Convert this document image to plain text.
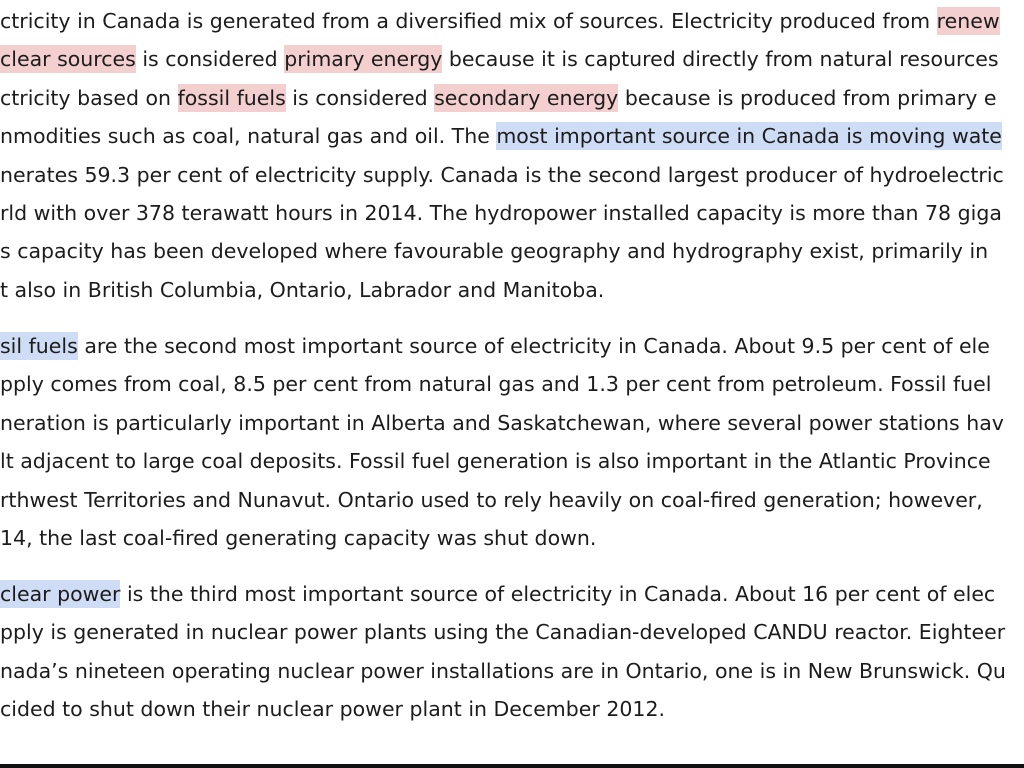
ctricity in Canada is generated from a diversified mix of sources. Electricity produced from renew
clear sources is considered primary energy because it is captured directly from natural resources
ctricity based on fossil fuels is considered secondary energy because is produced from primary e
nmodities such as coal, natural gas and oil. The most important source in Canada is moving wate
nerates 59.3 per cent of electricity supply. Canada is the second largest producer of hydroelectric
rld with over 378 terawatt hours in 2014. The hydropower installed capacity is more than 78 giga
s capacity has been developed where favourable geography and hydrography exist, primarily in
t also in British Columbia, Ontario, Labrador and Manitoba.
sil fuels are the second most important source of electricity in Canada. About 9.5 per cent of ele
pply comes from coal, 8.5 per cent from natural gas and 1.3 per cent from petroleum. Fossil fuel
neration is particularly important in Alberta and Saskatchewan, where several power stations hav
lt adjacent to large coal deposits. Fossil fuel generation is also important in the Atlantic Province
rthwest Territories and Nunavut. Ontario used to rely heavily on coal-fired generation; however,
14, the last coal-fired generating capacity was shut down.
clear power is the third most important source of electricity in Canada. About 16 per cent of elec
pply is generated in nuclear power plants using the Canadian-developed CANDU reactor. Eighteer
nada’s nineteen operating nuclear power installations are in Ontario, one is in New Brunswick. Qu
cided to shut down their nuclear power plant in December 2012.
